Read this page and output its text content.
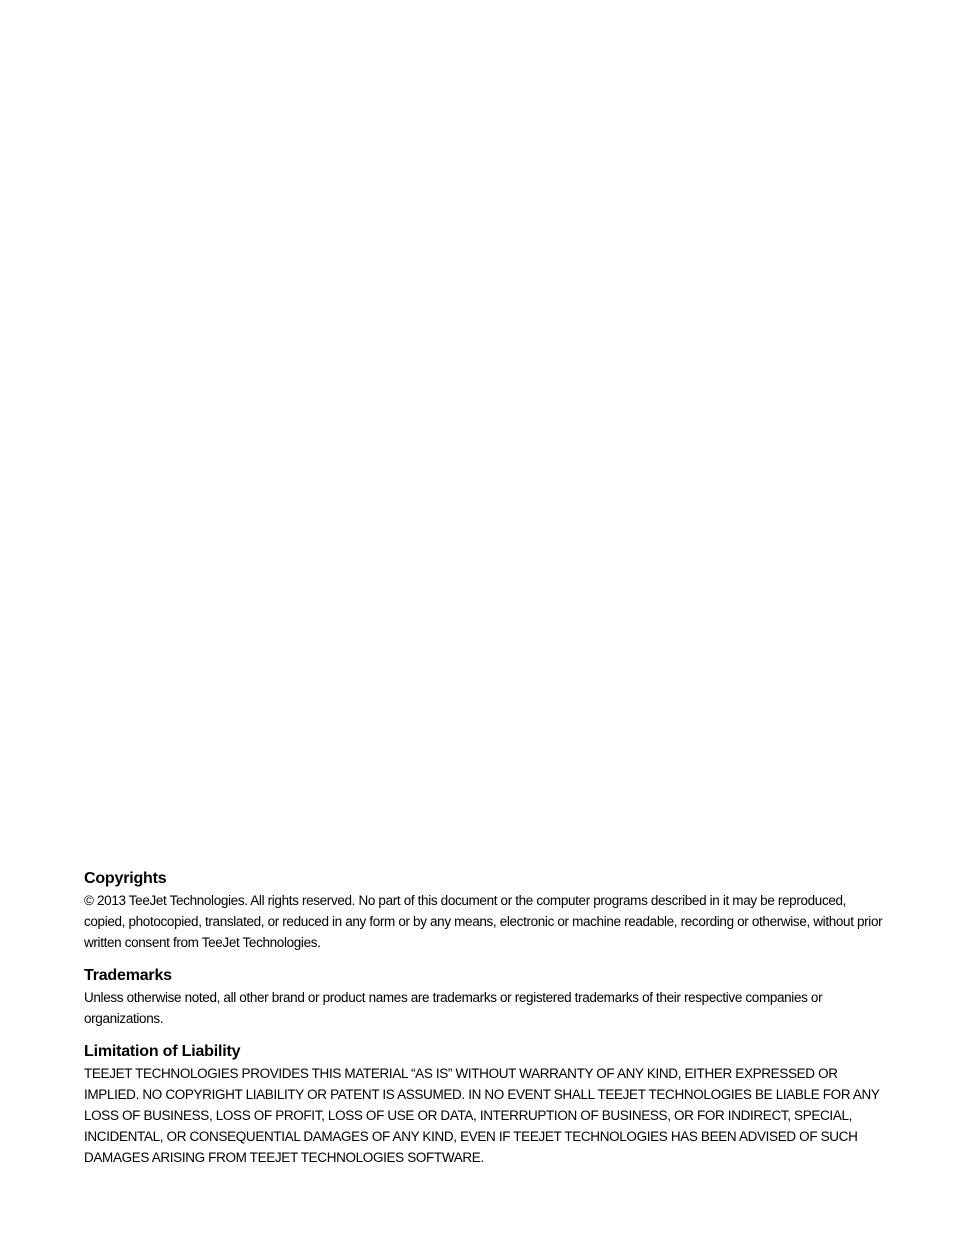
Copyrights

© 2013 TeeJet Technologies. All rights reserved. No part of this document or the computer programs described in it may be reproduced, copied, photocopied, translated, or reduced in any form or by any means, electronic or machine readable, recording or otherwise, without prior written consent from TeeJet Technologies.

Trademarks

Unless otherwise noted, all other brand or product names are trademarks or registered trademarks of their respective companies or organizations.

Limitation of Liability

TEEJET TECHNOLOGIES PROVIDES THIS MATERIAL “AS IS” WITHOUT WARRANTY OF ANY KIND, EITHER EXPRESSED OR IMPLIED. NO COPYRIGHT LIABILITY OR PATENT IS ASSUMED. IN NO EVENT SHALL TEEJET TECHNOLOGIES BE LIABLE FOR ANY LOSS OF BUSINESS, LOSS OF PROFIT, LOSS OF USE OR DATA, INTERRUPTION OF BUSINESS, OR FOR INDIRECT, SPECIAL, INCIDENTAL, OR CONSEQUENTIAL DAMAGES OF ANY KIND, EVEN IF TEEJET TECHNOLOGIES HAS BEEN ADVISED OF SUCH DAMAGES ARISING FROM TEEJET TECHNOLOGIES SOFTWARE.
